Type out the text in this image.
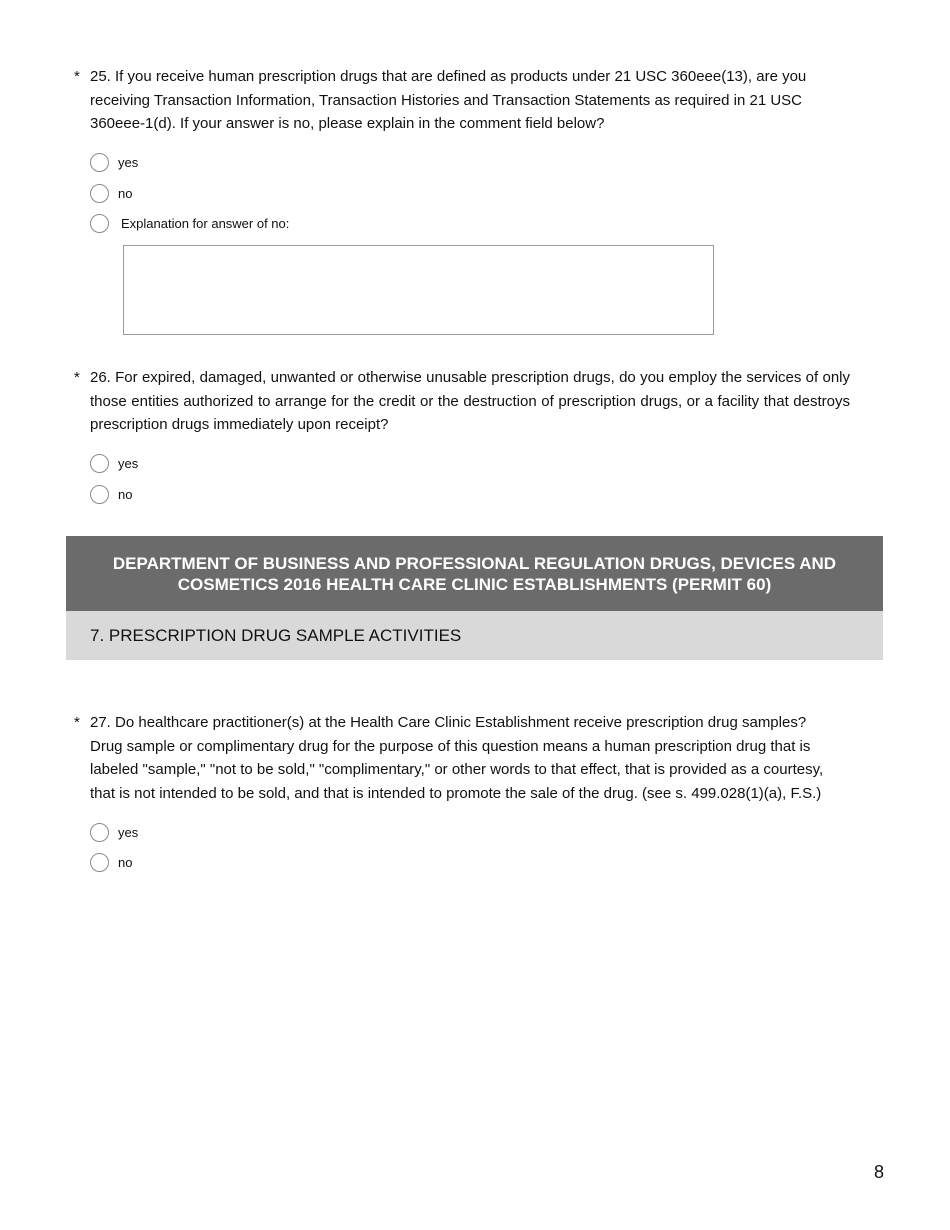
* 25. If you receive human prescription drugs that are defined as products under 21 USC 360eee(13), are you receiving Transaction Information, Transaction Histories and Transaction Statements as required in 21 USC 360eee-1(d). If your answer is no, please explain in the comment field below?

yes
no
Explanation for answer of no:
* 26. For expired, damaged, unwanted or otherwise unusable prescription drugs, do you employ the services of only those entities authorized to arrange for the credit or the destruction of prescription drugs, or a facility that destroys prescription drugs immediately upon receipt?

yes
no
DEPARTMENT OF BUSINESS AND PROFESSIONAL REGULATION DRUGS, DEVICES AND COSMETICS 2016 HEALTH CARE CLINIC ESTABLISHMENTS (PERMIT 60)
7. PRESCRIPTION DRUG SAMPLE ACTIVITIES
* 27. Do healthcare practitioner(s) at the Health Care Clinic Establishment receive prescription drug samples? Drug sample or complimentary drug for the purpose of this question means a human prescription drug that is labeled "sample," "not to be sold," "complimentary," or other words to that effect, that is provided as a courtesy, that is not intended to be sold, and that is intended to promote the sale of the drug. (see s. 499.028(1)(a), F.S.)

yes
no
8
